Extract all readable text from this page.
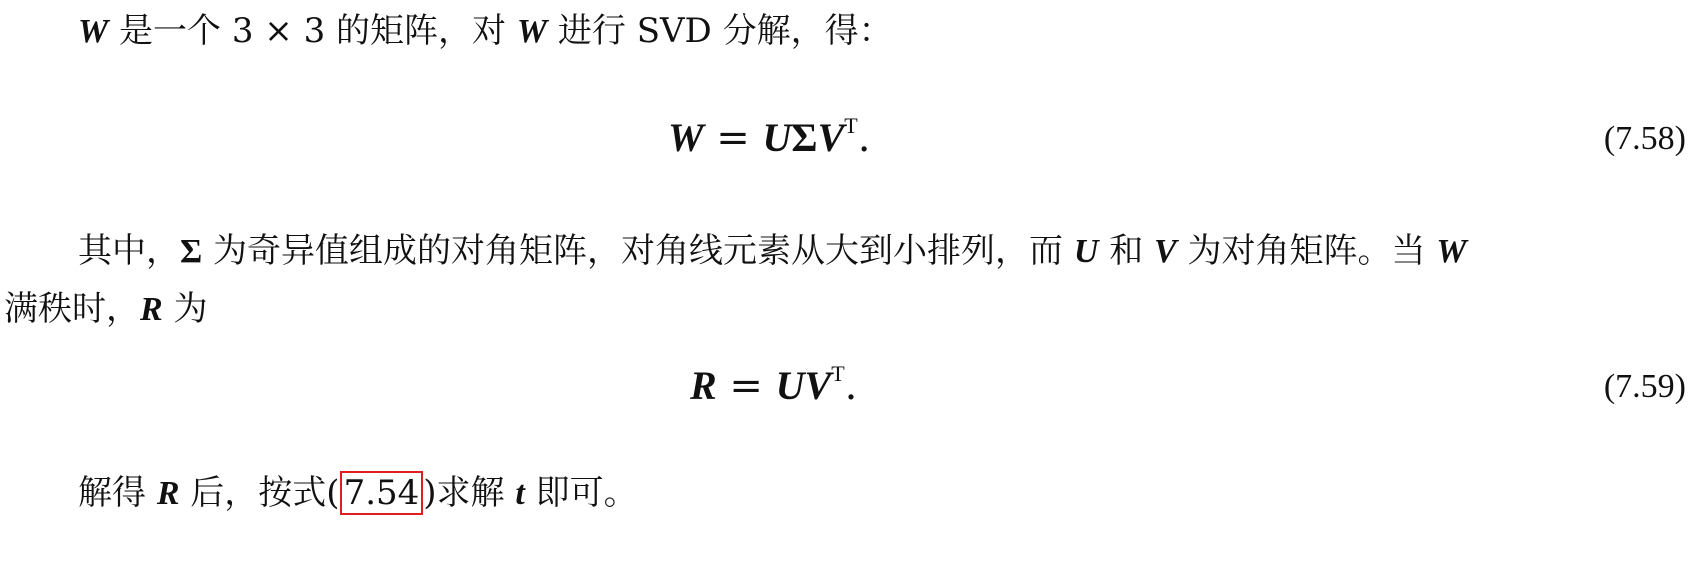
W 是一个 3 × 3 的矩阵，对 W 进行 SVD 分解，得：
$W = U\Sigma V^T$.	(7.58)
其中，Σ 为奇异值组成的对角矩阵，对角线元素从大到小排列，而 U 和 V 为对角矩阵。当 W
满秩时，R 为
$R = UV^T$.	(7.59)
解得 R 后，按式( 7.54 )求解 t 即可。
